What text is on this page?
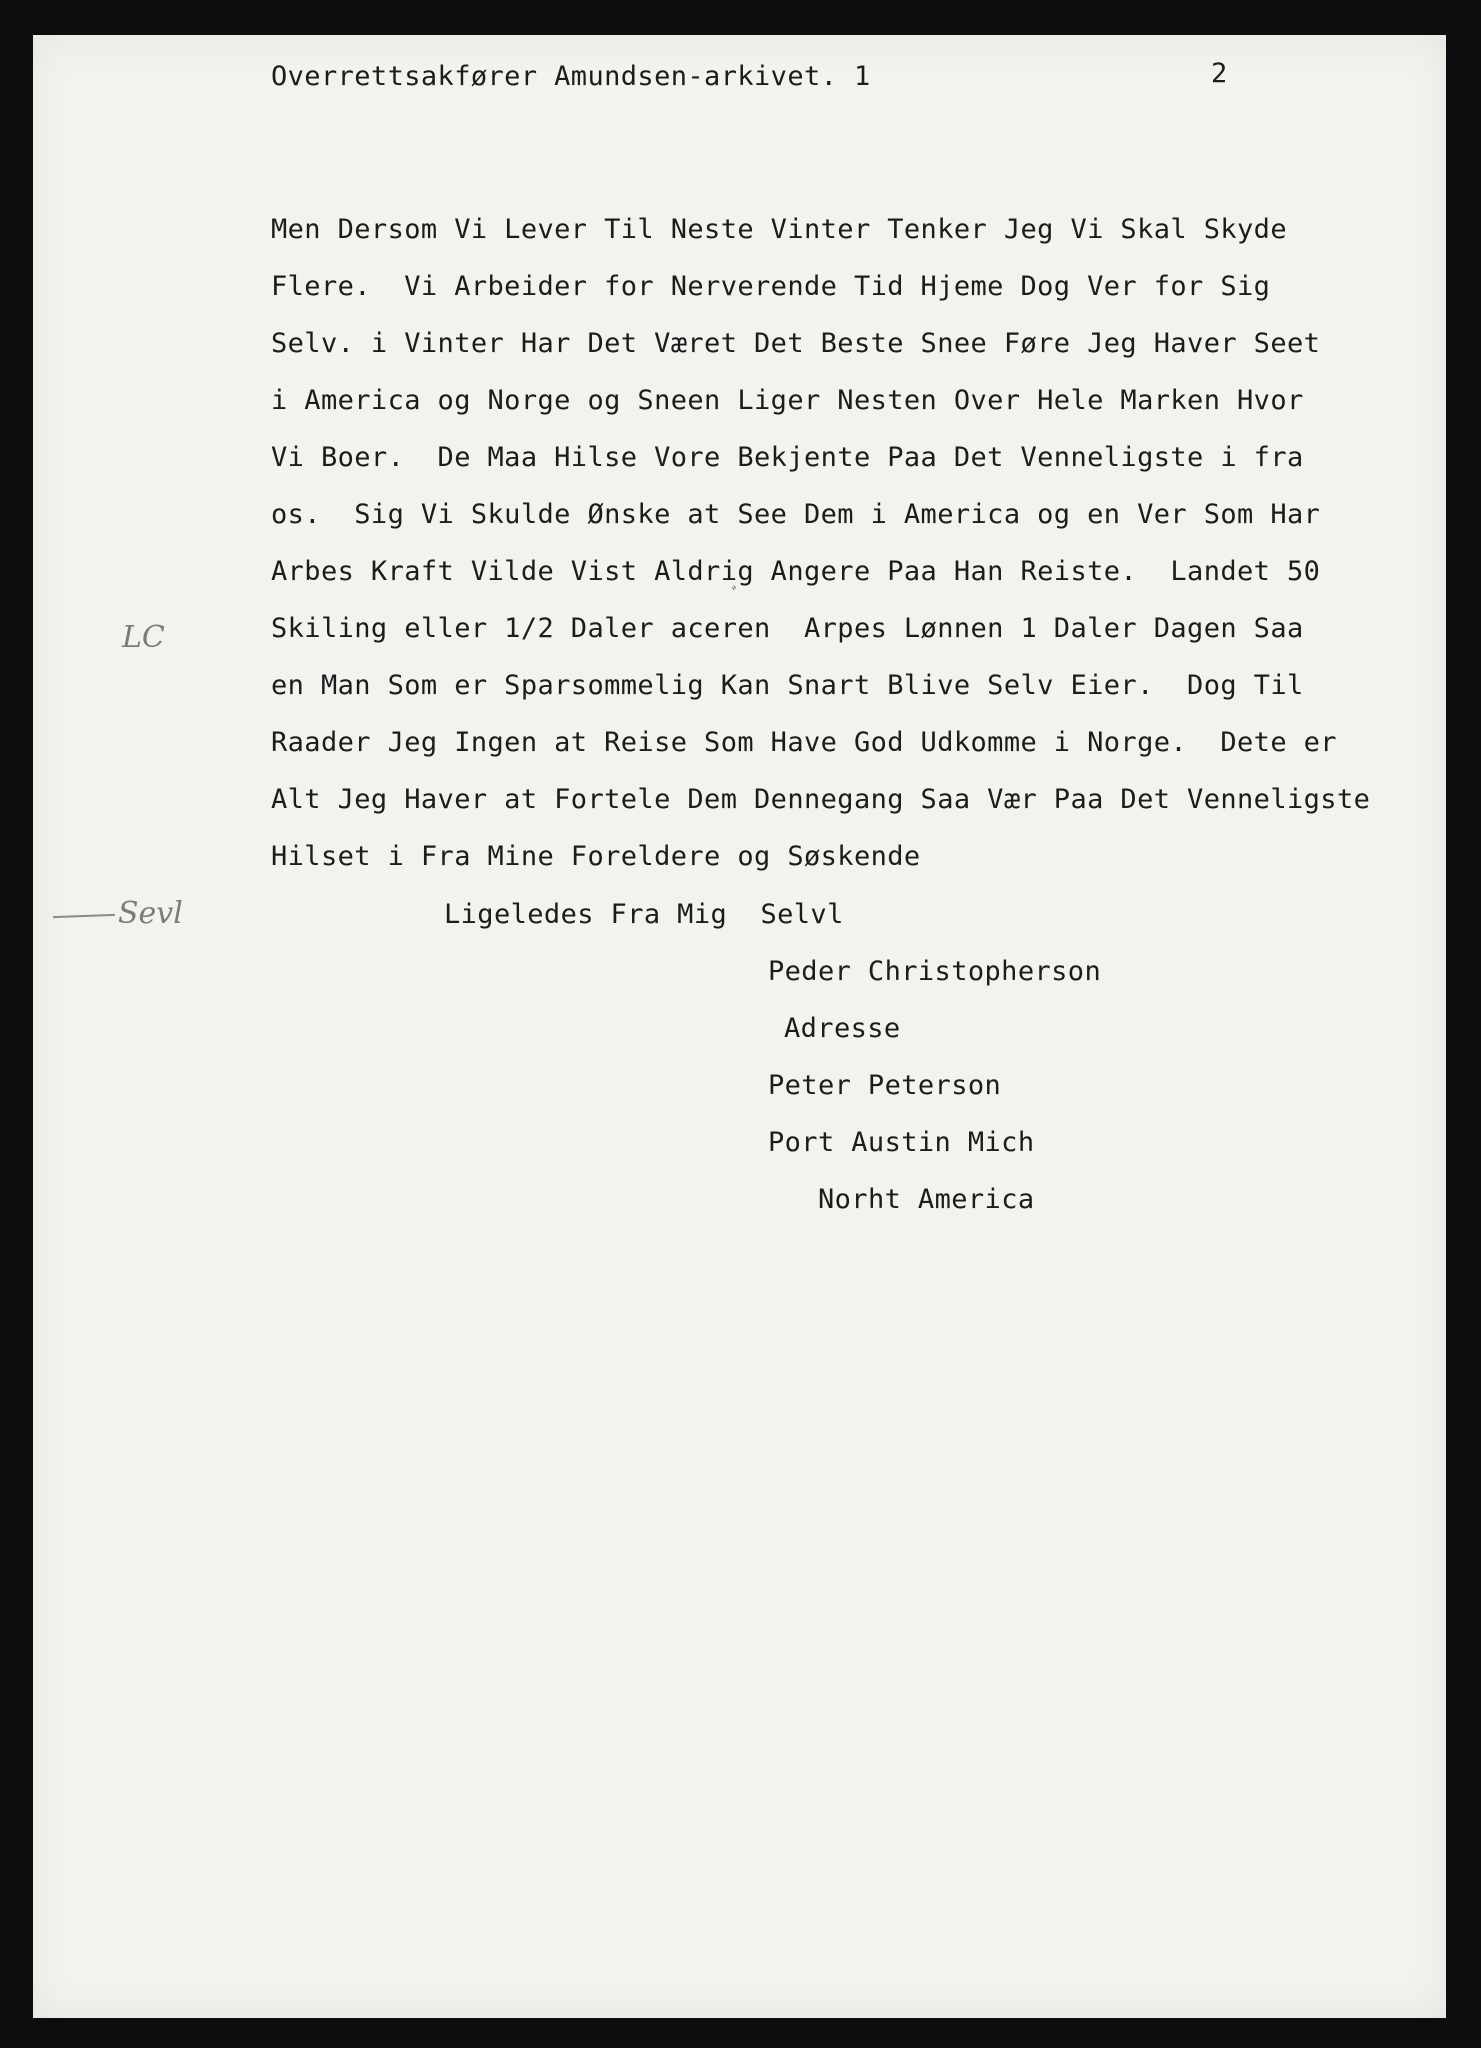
Overrettsakfører Amundsen-arkivet. 1	2
Men Dersom Vi Lever Til Neste Vinter Tenker Jeg Vi Skal Skyde
Flere.  Vi Arbeider for Nerverende Tid Hjeme Dog Ver for Sig
Selv. i Vinter Har Det Været Det Beste Snee Føre Jeg Haver Seet
i America og Norge og Sneen Liger Nesten Over Hele Marken Hvor
Vi Boer.  De Maa Hilse Vore Bekjente Paa Det Venneligste i fra
os.  Sig Vi Skulde Ønske at See Dem i America og en Ver Som Har
Arbes Kraft Vilde Vist Aldrig Angere Paa Han Reiste.  Landet 50
Skiling eller 1/2 Daler aceren  Arpes Lønnen 1 Daler Dagen Saa
en Man Som er Sparsommelig Kan Snart Blive Selv Eier.  Dog Til
Raader Jeg Ingen at Reise Som Have God Udkomme i Norge.  Dete er
Alt Jeg Haver at Fortele Dem Dennegang Saa Vær Paa Det Venneligste
Hilset i Fra Mine Foreldere og Søskende
ﾞ
Ligeledes Fra Mig  Selvl
Peder Christopherson
Adresse
Peter Peterson
Port Austin Mich
Norht America
LC
Sevl
